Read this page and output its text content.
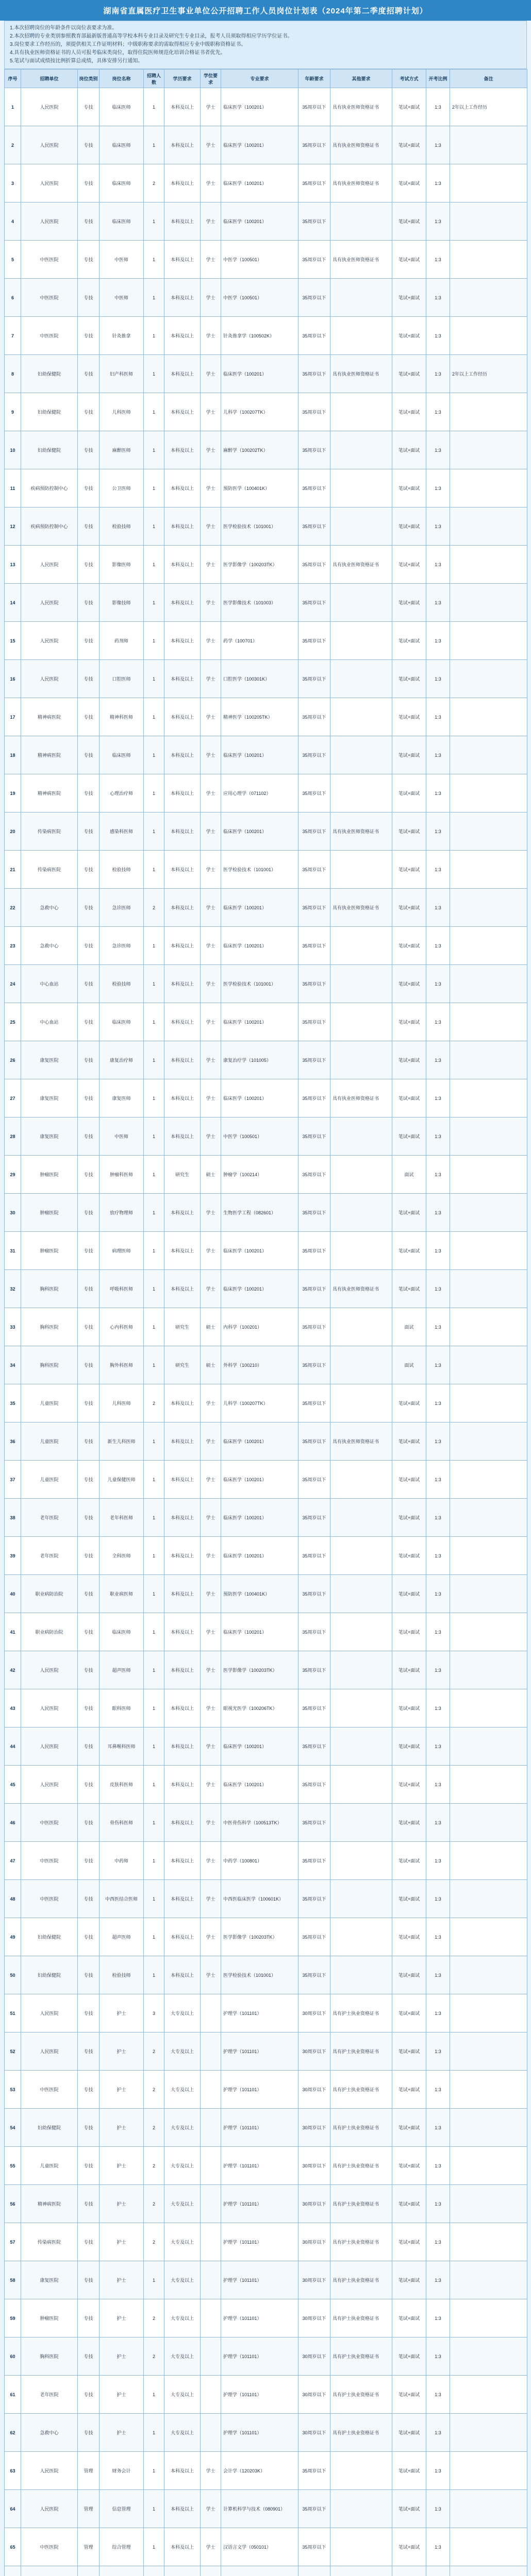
湖南省直属医疗卫生事业单位公开招聘工作人员岗位计划表（2024年第二季度招聘计划）
1.本次招聘岗位的年龄条件以岗位表要求为准。
2.本次招聘的专业类别参照教育部最新版普通高等学校本科专业目录及研究生专业目录，报考人员须取得相应学历学位证书。
3.岗位要求工作经历的，须提供相关工作证明材料；中级职称要求的需取得相应专业中级职称资格证书。
4.具有执业医师资格证书的人员可报考临床类岗位，取得住院医师规范化培训合格证书者优先。
5.笔试与面试成绩按比例折算总成绩，具体安排另行通知。
序号	招聘单位	岗位类别	岗位名称	招聘人数	学历要求	学位要求	专业要求	年龄要求	其他要求	考试方式	开考比例	备注
1	人民医院	专技	临床医师	1	本科及以上	学士	临床医学（100201）	35周岁以下	具有执业医师资格证书	笔试+面试	1:3	2年以上工作经历
2	人民医院	专技	临床医师	1	本科及以上	学士	临床医学（100201）	35周岁以下	具有执业医师资格证书	笔试+面试	1:3	
3	人民医院	专技	临床医师	2	本科及以上	学士	临床医学（100201）	35周岁以下	具有执业医师资格证书	笔试+面试	1:3	
4	人民医院	专技	临床医师	1	本科及以上	学士	临床医学（100201）	35周岁以下		笔试+面试	1:3	
5	中医医院	专技	中医师	1	本科及以上	学士	中医学（100501）	35周岁以下	具有执业医师资格证书	笔试+面试	1:3	
6	中医医院	专技	中医师	1	本科及以上	学士	中医学（100501）	35周岁以下		笔试+面试	1:3	
7	中医医院	专技	针灸推拿	1	本科及以上	学士	针灸推拿学（100502K）	35周岁以下		笔试+面试	1:3	
8	妇幼保健院	专技	妇产科医师	1	本科及以上	学士	临床医学（100201）	35周岁以下	具有执业医师资格证书	笔试+面试	1:3	2年以上工作经历
9	妇幼保健院	专技	儿科医师	1	本科及以上	学士	儿科学（100207TK）	35周岁以下		笔试+面试	1:3	
10	妇幼保健院	专技	麻醉医师	1	本科及以上	学士	麻醉学（100202TK）	35周岁以下		笔试+面试	1:3	
11	疾病预防控制中心	专技	公卫医师	1	本科及以上	学士	预防医学（100401K）	35周岁以下		笔试+面试	1:3	
12	疾病预防控制中心	专技	检验技师	1	本科及以上	学士	医学检验技术（101001）	35周岁以下		笔试+面试	1:3	
13	人民医院	专技	影像医师	1	本科及以上	学士	医学影像学（100203TK）	35周岁以下	具有执业医师资格证书	笔试+面试	1:3	
14	人民医院	专技	影像技师	1	本科及以上	学士	医学影像技术（101003）	35周岁以下		笔试+面试	1:3	
15	人民医院	专技	药剂师	1	本科及以上	学士	药学（100701）	35周岁以下		笔试+面试	1:3	
16	人民医院	专技	口腔医师	1	本科及以上	学士	口腔医学（100301K）	35周岁以下		笔试+面试	1:3	
17	精神病医院	专技	精神科医师	1	本科及以上	学士	精神医学（100205TK）	35周岁以下		笔试+面试	1:3	
18	精神病医院	专技	临床医师	1	本科及以上	学士	临床医学（100201）	35周岁以下		笔试+面试	1:3	
19	精神病医院	专技	心理治疗师	1	本科及以上	学士	应用心理学（071102）	35周岁以下		笔试+面试	1:3	
20	传染病医院	专技	感染科医师	1	本科及以上	学士	临床医学（100201）	35周岁以下	具有执业医师资格证书	笔试+面试	1:3	
21	传染病医院	专技	检验技师	1	本科及以上	学士	医学检验技术（101001）	35周岁以下		笔试+面试	1:3	
22	急救中心	专技	急诊医师	2	本科及以上	学士	临床医学（100201）	35周岁以下	具有执业医师资格证书	笔试+面试	1:3	
23	急救中心	专技	急诊医师	1	本科及以上	学士	临床医学（100201）	35周岁以下		笔试+面试	1:3	
24	中心血站	专技	检验技师	1	本科及以上	学士	医学检验技术（101001）	35周岁以下		笔试+面试	1:3	
25	中心血站	专技	临床医师	1	本科及以上	学士	临床医学（100201）	35周岁以下		笔试+面试	1:3	
26	康复医院	专技	康复治疗师	1	本科及以上	学士	康复治疗学（101005）	35周岁以下		笔试+面试	1:3	
27	康复医院	专技	康复医师	1	本科及以上	学士	临床医学（100201）	35周岁以下	具有执业医师资格证书	笔试+面试	1:3	
28	康复医院	专技	中医师	1	本科及以上	学士	中医学（100501）	35周岁以下		笔试+面试	1:3	
29	肿瘤医院	专技	肿瘤科医师	1	研究生	硕士	肿瘤学（100214）	35周岁以下		面试	1:3	
30	肿瘤医院	专技	放疗物理师	1	本科及以上	学士	生物医学工程（082601）	35周岁以下		笔试+面试	1:3	
31	肿瘤医院	专技	病理医师	1	本科及以上	学士	临床医学（100201）	35周岁以下		笔试+面试	1:3	
32	胸科医院	专技	呼吸科医师	1	本科及以上	学士	临床医学（100201）	35周岁以下	具有执业医师资格证书	笔试+面试	1:3	
33	胸科医院	专技	心内科医师	1	研究生	硕士	内科学（100201）	35周岁以下		面试	1:3	
34	胸科医院	专技	胸外科医师	1	研究生	硕士	外科学（100210）	35周岁以下		面试	1:3	
35	儿童医院	专技	儿科医师	2	本科及以上	学士	儿科学（100207TK）	35周岁以下		笔试+面试	1:3	
36	儿童医院	专技	新生儿科医师	1	本科及以上	学士	临床医学（100201）	35周岁以下	具有执业医师资格证书	笔试+面试	1:3	
37	儿童医院	专技	儿童保健医师	1	本科及以上	学士	临床医学（100201）	35周岁以下		笔试+面试	1:3	
38	老年医院	专技	老年科医师	1	本科及以上	学士	临床医学（100201）	35周岁以下		笔试+面试	1:3	
39	老年医院	专技	全科医师	1	本科及以上	学士	临床医学（100201）	35周岁以下		笔试+面试	1:3	
40	职业病防治院	专技	职业病医师	1	本科及以上	学士	预防医学（100401K）	35周岁以下		笔试+面试	1:3	
41	职业病防治院	专技	临床医师	1	本科及以上	学士	临床医学（100201）	35周岁以下		笔试+面试	1:3	
42	人民医院	专技	超声医师	1	本科及以上	学士	医学影像学（100203TK）	35周岁以下		笔试+面试	1:3	
43	人民医院	专技	眼科医师	1	本科及以上	学士	眼视光医学（100206TK）	35周岁以下		笔试+面试	1:3	
44	人民医院	专技	耳鼻喉科医师	1	本科及以上	学士	临床医学（100201）	35周岁以下		笔试+面试	1:3	
45	人民医院	专技	皮肤科医师	1	本科及以上	学士	临床医学（100201）	35周岁以下		笔试+面试	1:3	
46	中医医院	专技	骨伤科医师	1	本科及以上	学士	中医骨伤科学（100513TK）	35周岁以下		笔试+面试	1:3	
47	中医医院	专技	中药师	1	本科及以上	学士	中药学（100801）	35周岁以下		笔试+面试	1:3	
48	中医医院	专技	中西医结合医师	1	本科及以上	学士	中西医临床医学（100601K）	35周岁以下		笔试+面试	1:3	
49	妇幼保健院	专技	超声医师	1	本科及以上	学士	医学影像学（100203TK）	35周岁以下		笔试+面试	1:3	
50	妇幼保健院	专技	检验技师	1	本科及以上	学士	医学检验技术（101001）	35周岁以下		笔试+面试	1:3	
51	人民医院	专技	护士	3	大专及以上		护理学（101101）	30周岁以下	具有护士执业资格证书	笔试+面试	1:3	
52	人民医院	专技	护士	2	大专及以上		护理学（101101）	30周岁以下	具有护士执业资格证书	笔试+面试	1:3	
53	中医医院	专技	护士	2	大专及以上		护理学（101101）	30周岁以下	具有护士执业资格证书	笔试+面试	1:3	
54	妇幼保健院	专技	护士	2	大专及以上		护理学（101101）	30周岁以下	具有护士执业资格证书	笔试+面试	1:3	
55	儿童医院	专技	护士	2	大专及以上		护理学（101101）	30周岁以下	具有护士执业资格证书	笔试+面试	1:3	
56	精神病医院	专技	护士	2	大专及以上		护理学（101101）	30周岁以下	具有护士执业资格证书	笔试+面试	1:3	
57	传染病医院	专技	护士	2	大专及以上		护理学（101101）	30周岁以下	具有护士执业资格证书	笔试+面试	1:3	
58	康复医院	专技	护士	1	大专及以上		护理学（101101）	30周岁以下	具有护士执业资格证书	笔试+面试	1:3	
59	肿瘤医院	专技	护士	2	大专及以上		护理学（101101）	30周岁以下	具有护士执业资格证书	笔试+面试	1:3	
60	胸科医院	专技	护士	2	大专及以上		护理学（101101）	30周岁以下	具有护士执业资格证书	笔试+面试	1:3	
61	老年医院	专技	护士	1	大专及以上		护理学（101101）	30周岁以下	具有护士执业资格证书	笔试+面试	1:3	
62	急救中心	专技	护士	1	大专及以上		护理学（101101）	30周岁以下	具有护士执业资格证书	笔试+面试	1:3	
63	人民医院	管理	财务会计	1	本科及以上	学士	会计学（120203K）	35周岁以下		笔试+面试	1:3	
64	人民医院	管理	信息管理	1	本科及以上	学士	计算机科学与技术（080901）	35周岁以下		笔试+面试	1:3	
65	中医医院	管理	综合管理	1	本科及以上	学士	汉语言文学（050101）	35周岁以下		笔试+面试	1:3	
